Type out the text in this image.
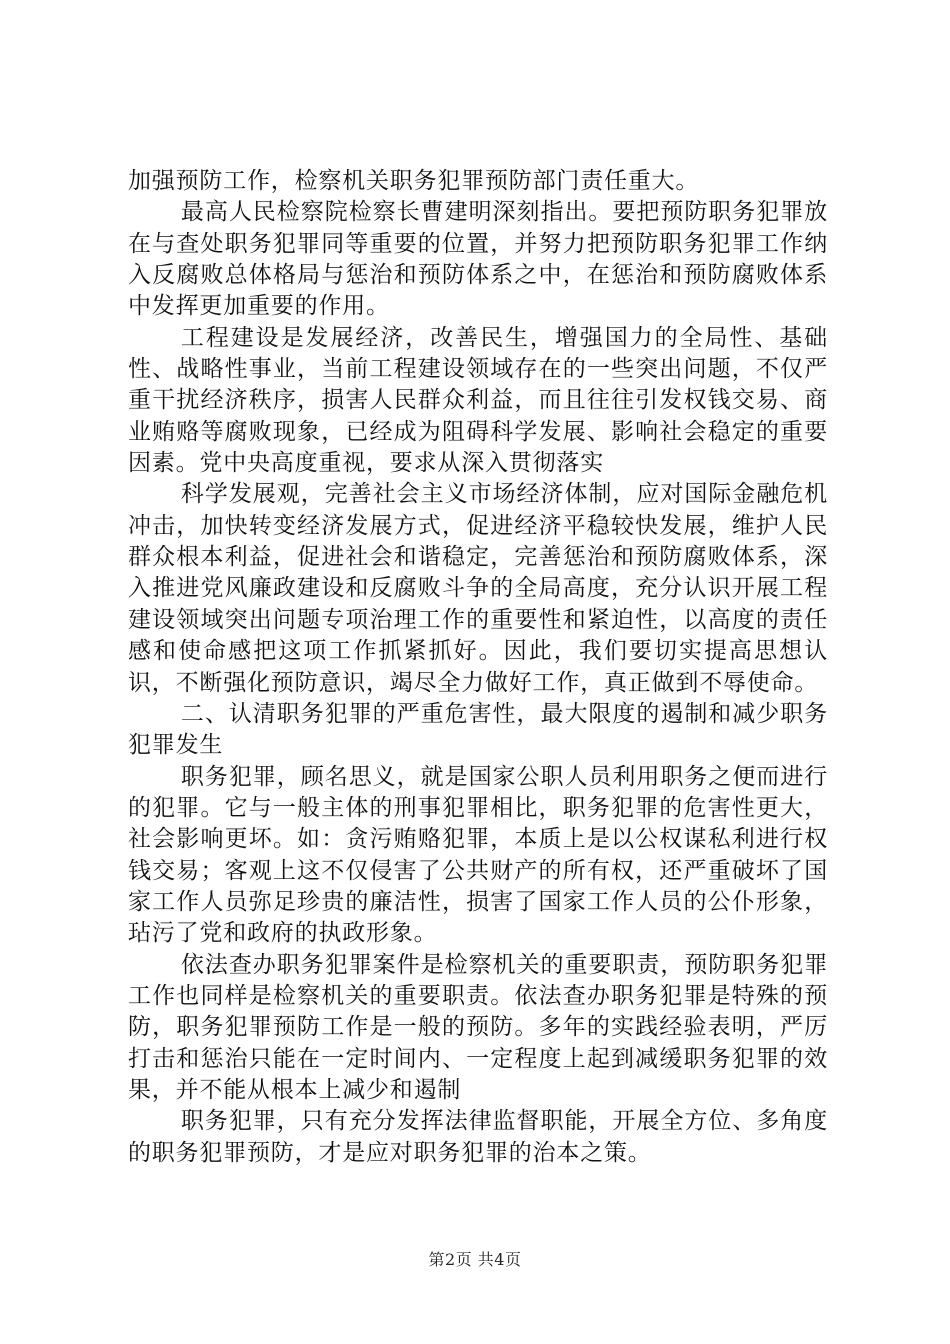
加强预防工作，检察机关职务犯罪预防部门责任重大。

最高人民检察院检察长曹建明深刻指出。要把预防职务犯罪放在与查处职务犯罪同等重要的位置，并努力把预防职务犯罪工作纳入反腐败总体格局与惩治和预防体系之中，在惩治和预防腐败体系中发挥更加重要的作用。

工程建设是发展经济，改善民生，增强国力的全局性、基础性、战略性事业，当前工程建设领域存在的一些突出问题，不仅严重干扰经济秩序，损害人民群众利益，而且往往引发权钱交易、商业贿赂等腐败现象，已经成为阻碍科学发展、影响社会稳定的重要因素。党中央高度重视，要求从深入贯彻落实

科学发展观，完善社会主义市场经济体制，应对国际金融危机冲击，加快转变经济发展方式，促进经济平稳较快发展，维护人民群众根本利益，促进社会和谐稳定，完善惩治和预防腐败体系，深入推进党风廉政建设和反腐败斗争的全局高度，充分认识开展工程建设领域突出问题专项治理工作的重要性和紧迫性，以高度的责任感和使命感把这项工作抓紧抓好。因此，我们要切实提高思想认识，不断强化预防意识，竭尽全力做好工作，真正做到不辱使命。

二、认清职务犯罪的严重危害性，最大限度的遏制和减少职务犯罪发生

职务犯罪，顾名思义，就是国家公职人员利用职务之便而进行的犯罪。它与一般主体的刑事犯罪相比，职务犯罪的危害性更大，社会影响更坏。如：贪污贿赂犯罪，本质上是以公权谋私利进行权钱交易；客观上这不仅侵害了公共财产的所有权，还严重破坏了国家工作人员弥足珍贵的廉洁性，损害了国家工作人员的公仆形象，玷污了党和政府的执政形象。

依法查办职务犯罪案件是检察机关的重要职责，预防职务犯罪工作也同样是检察机关的重要职责。依法查办职务犯罪是特殊的预防，职务犯罪预防工作是一般的预防。多年的实践经验表明，严厉打击和惩治只能在一定时间内、一定程度上起到减缓职务犯罪的效果，并不能从根本上减少和遏制

职务犯罪，只有充分发挥法律监督职能，开展全方位、多角度的职务犯罪预防，才是应对职务犯罪的治本之策。

第2页 共4页
